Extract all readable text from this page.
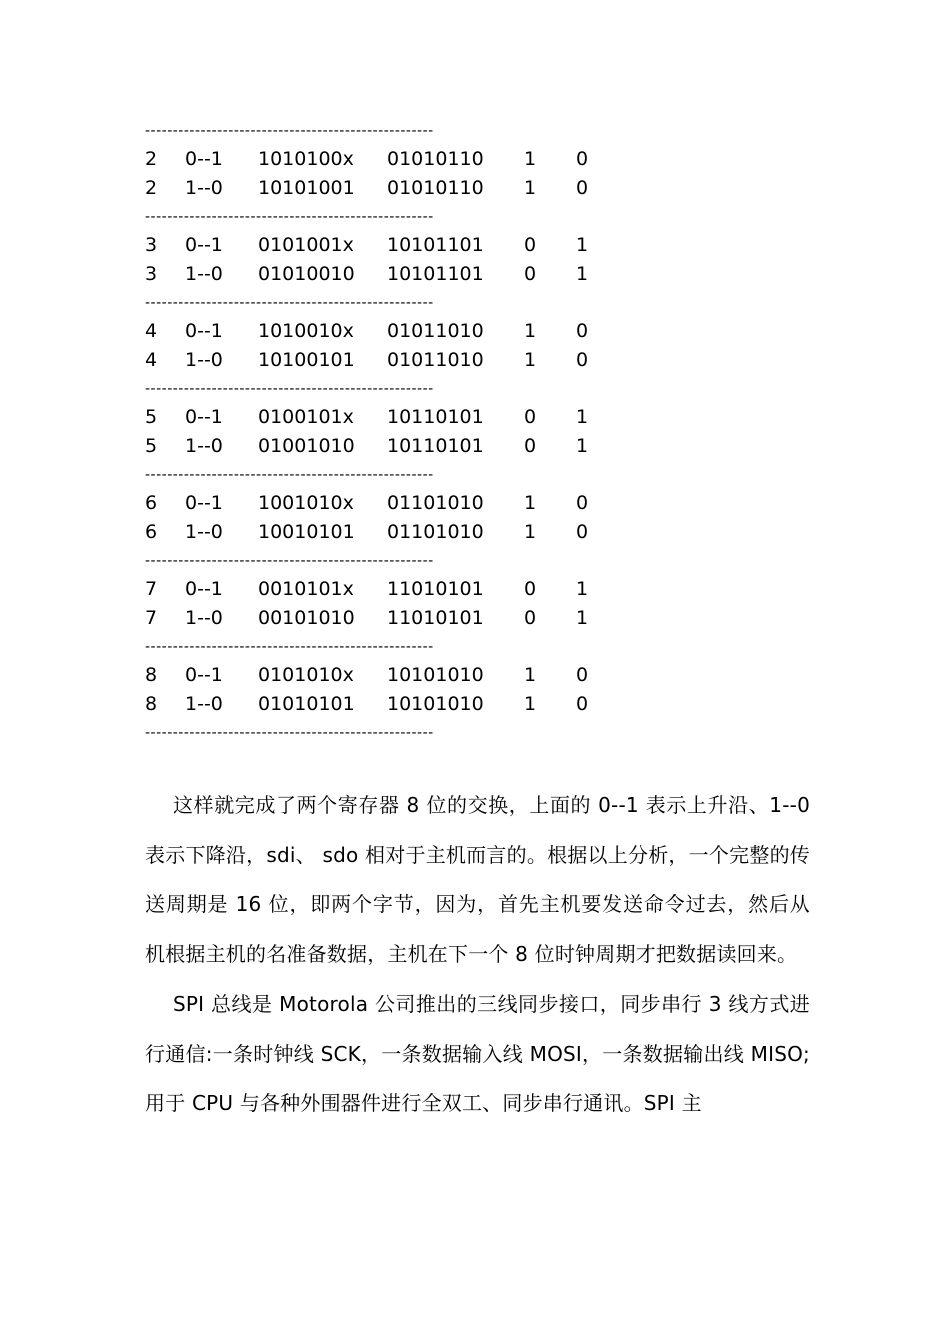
----------------------------------------------------
2 0--1 1010100x 01010110 1 0
2 1--0 10101001 01010110 1 0
----------------------------------------------------
3 0--1 0101001x 10101101 0 1
3 1--0 01010010 10101101 0 1
----------------------------------------------------
4 0--1 1010010x 01011010 1 0
4 1--0 10100101 01011010 1 0
----------------------------------------------------
5 0--1 0100101x 10110101 0 1
5 1--0 01001010 10110101 0 1
----------------------------------------------------
6 0--1 1001010x 01101010 1 0
6 1--0 10010101 01101010 1 0
----------------------------------------------------
7 0--1 0010101x 11010101 0 1
7 1--0 00101010 11010101 0 1
----------------------------------------------------
8 0--1 0101010x 10101010 1 0
8 1--0 01010101 10101010 1 0
----------------------------------------------------

这样就完成了两个寄存器 8 位的交换，上面的 0--1 表示上升沿、1--0 表示下降沿，sdi、 sdo 相对于主机而言的。根据以上分析，一个完整的传送周期是 16 位，即两个字节，因为，首先主机要发送命令过去，然后从机根据主机的名准备数据，主机在下一个 8 位时钟周期才把数据读回来。

SPI 总线是 Motorola 公司推出的三线同步接口，同步串行 3 线方式进行通信:一条时钟线 SCK，一条数据输入线 MOSI，一条数据输出线 MISO;用于 CPU 与各种外围器件进行全双工、同步串行通讯。SPI 主
